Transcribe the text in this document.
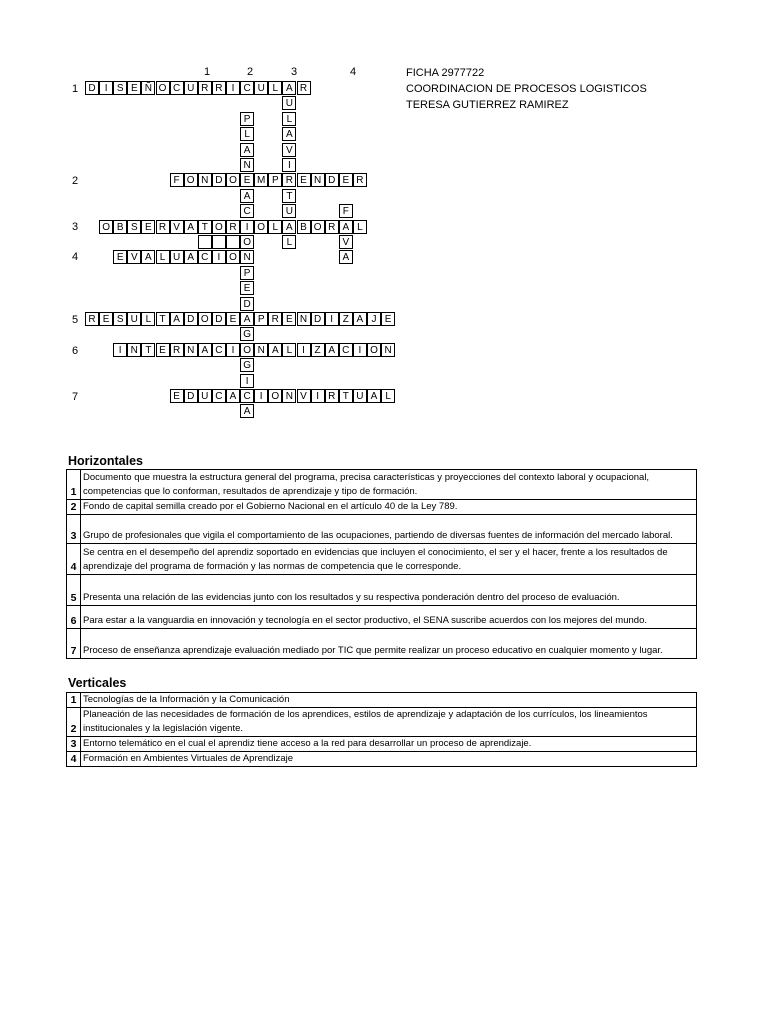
FICHA 2977722
COORDINACION DE PROCESOS LOGISTICOS
TERESA GUTIERREZ RAMIREZ
1	2	3	4
1
2
3
4
5
6
7
D I S E Ñ O C U R R I C U L A R
F O N D O E M P R E N D E R
O B S E R V A T O R I O L A B O R A L
E V A L U A C I O N
R E S U L T A D O D E A P R E N D I Z A J E
I N T E R N A C I O N A L I Z A C I O N
E D U C A C I O N V I R T U A L
P
L
A
N
A
C
O
P
E
D
G
G
I
A
U
L
A
V
I
T
U
L
F
V
A
Horizontales
1	Documento que muestra la estructura general del programa, precisa características y proyecciones del contexto laboral y ocupacional, competencias que lo conforman, resultados de aprendizaje y tipo de formación.
2	Fondo de capital semilla creado por el Gobierno Nacional en el artículo 40 de la Ley 789.
3	Grupo de profesionales que vigila el comportamiento de las ocupaciones, partiendo de diversas fuentes de información del mercado laboral.
4	Se centra en el desempeño del aprendiz soportado en evidencias que incluyen el conocimiento, el ser y el hacer, frente a los resultados de aprendizaje del programa de formación y las normas de competencia que le corresponde.
5	Presenta una relación de las evidencias junto con los resultados y su respectiva ponderación dentro del proceso de evaluación.
6	Para estar a la vanguardia en innovación y tecnología en el sector productivo, el SENA suscribe acuerdos con los mejores del mundo.
7	Proceso de enseñanza aprendizaje evaluación mediado por TIC que permite realizar un proceso educativo en cualquier momento y lugar.
Verticales
1	Tecnologías de la Información y la Comunicación
2	Planeación de las necesidades de formación de los aprendices, estilos de aprendizaje y adaptación de los currículos, los lineamientos institucionales y la legislación vigente.
3	Entorno telemático en el cual el aprendiz tiene acceso a la red para desarrollar un proceso de aprendizaje.
4	Formación en Ambientes Virtuales de Aprendizaje
